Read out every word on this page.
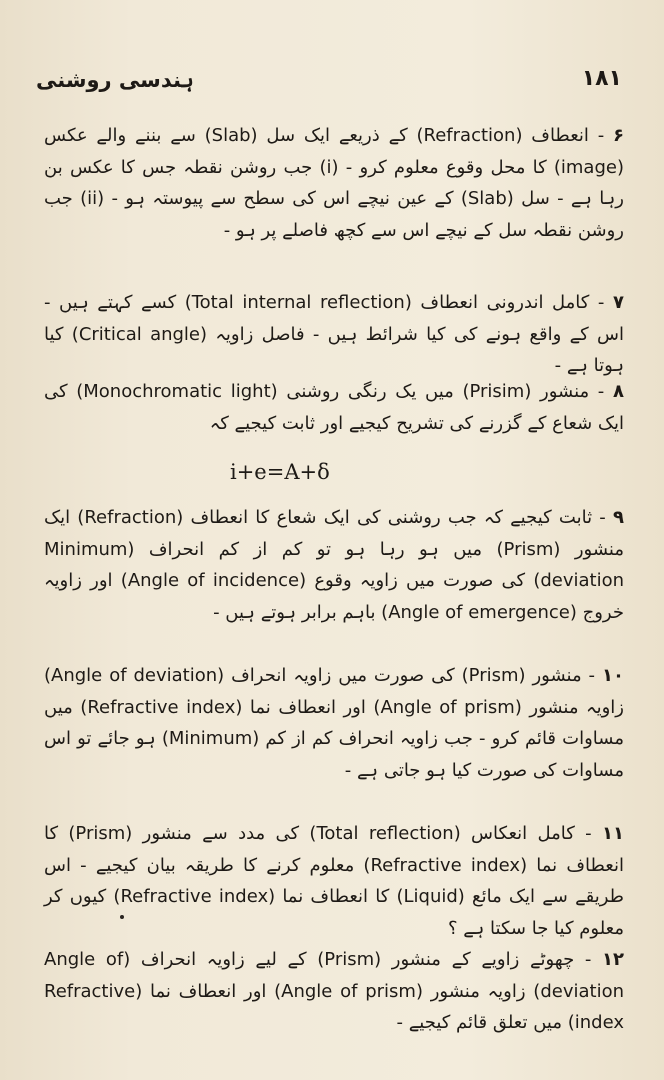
١٨١
ہندسی روشنی

۶ - انعطاف (Refraction) کے ذریعے ایک سل (Slab) سے بننے والے عکس (image) کا محل وقوع معلوم کرو - (i) جب روشن نقطہ جس کا عکس بن رہا ہے - سل (Slab) کے عین نیچے اس کی سطح سے پیوستہ ہو - (ii) جب روشن نقطہ سل کے نیچے اس سے کچھ فاصلے پر ہو -

۷ - کامل اندرونی انعطاف (Total internal reflection) کسے کہتے ہیں - اس کے واقع ہونے کی کیا شرائط ہیں - فاصل زاویہ (Critical angle) کیا ہوتا ہے -

۸ - منشور (Prisim) میں یک رنگی روشنی (Monochromatic light) کی ایک شعاع کے گزرنے کی تشریح کیجیے اور ثابت کیجیے کہ

i+e=A+δ

۹ - ثابت کیجیے کہ جب روشنی کی ایک شعاع کا انعطاف (Refraction) ایک منشور (Prism) میں ہو رہا ہو تو کم از کم انحراف (Minimum deviation) کی صورت میں زاویہ وقوع (Angle of incidence) اور زاویہ خروج (Angle of emergence) باہم برابر ہوتے ہیں -

۱۰ - منشور (Prism) کی صورت میں زاویہ انحراف (Angle of deviation) زاویہ منشور (Angle of prism) اور انعطاف نما (Refractive index) میں مساوات قائم کرو - جب زاویہ انحراف کم از کم (Minimum) ہو جائے تو اس مساوات کی صورت کیا ہو جاتی ہے -

۱۱ - کامل انعکاس (Total reflection) کی مدد سے منشور (Prism) کا انعطاف نما (Refractive index) معلوم کرنے کا طریقہ بیان کیجیے - اس طریقے سے ایک مائع (Liquid) کا انعطاف نما (Refractive index) کیوں کر معلوم کیا جا سکتا ہے ؟

۱۲ - چھوٹے زاویے کے منشور (Prism) کے لیے زاویہ انحراف (Angle of deviation) زاویہ منشور (Angle of prism) اور انعطاف نما (Refractive index) میں تعلق قائم کیجیے -
